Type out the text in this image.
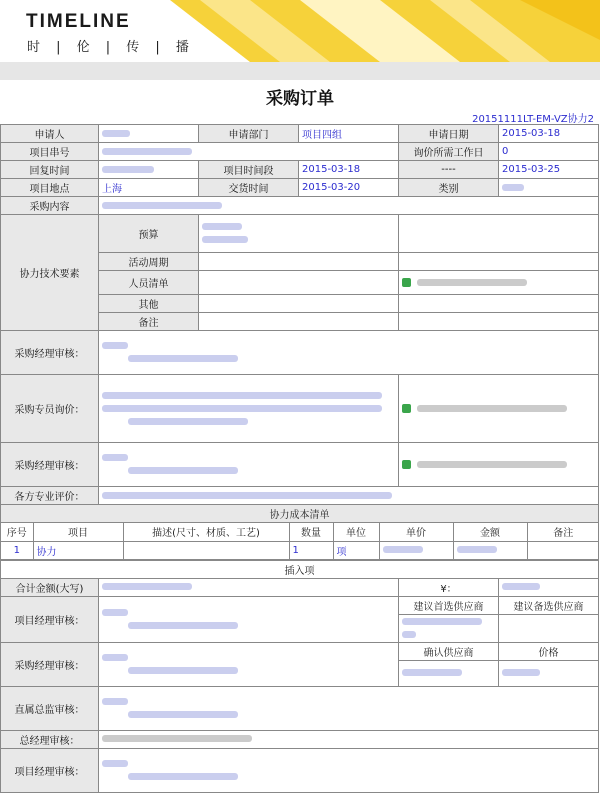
TIMELINE
时 | 伦 | 传 | 播
采购订单
20151111LT-EM-VZ协力2
申请人		申请部门	项目四组	申请日期	2015-03-18
项目串号		询价所需工作日	0
回复时间		项目时间段	2015-03-18	----	2015-03-25
项目地点	上海	交货时间	2015-03-20	类别	
采购内容	
协力技术要素	预算	

活动周期		
人员清单		
其他		
备注		
采购经理审核：	

采购专员询价：	

采购经理审核：	

各方专业评价：	
协力成本清单

序号	项目	描述(尺寸、材质、工艺)	数量	单位	单价	金额	备注
1	协力		1	项			

插入项
合计金额(大写)		¥：	
项目经理审核：	
	建议首选供应商	建议备选供应商

采购经理审核：	
	确认供应商	价格

直属总监审核：	

总经理审核：	
项目经理审核：	
